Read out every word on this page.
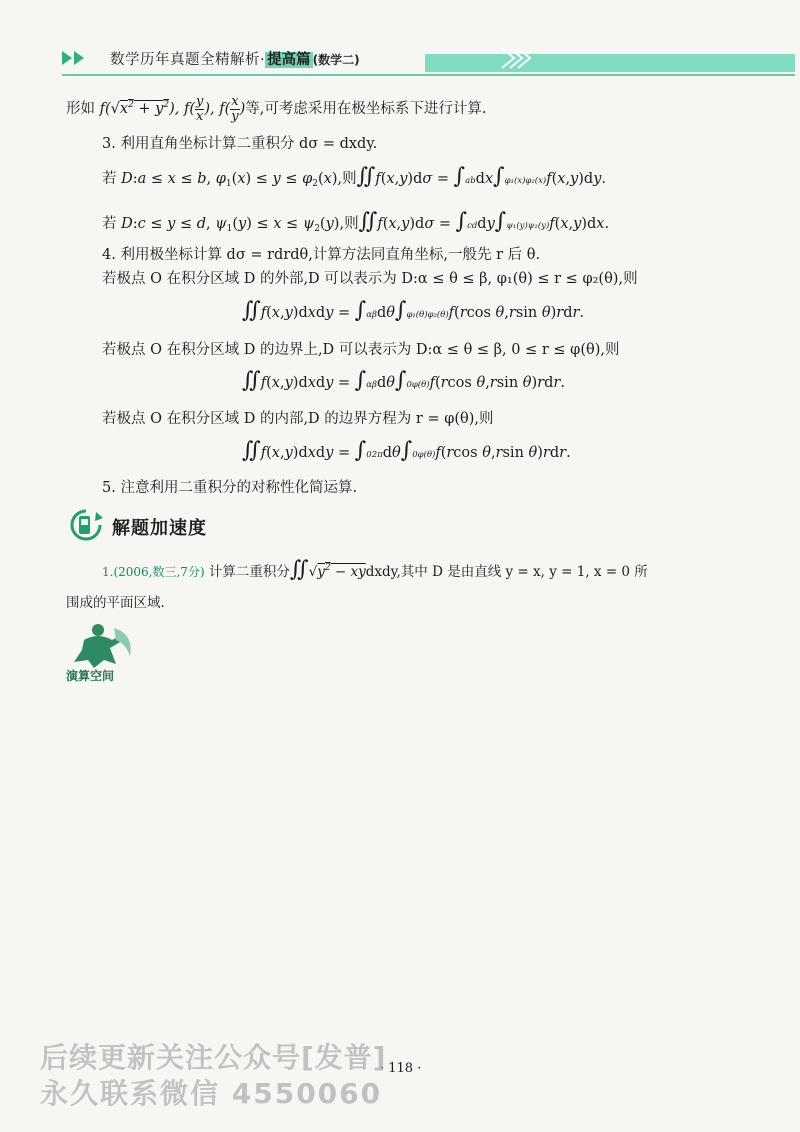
数学历年真题全精解析· 提高篇 (数学二)
形如 $f(√x^2 + y^2)$, $f( \frac{y}{x}$ ), $f( \frac{x}{y}$ )等,可考虑采用在极坐标系下进行计算.
3. 利用直角坐标计算二重积分 dσ = dxdy.
若 D:a ≤ x ≤ b, $\varphi_1(x) \le y \le \varphi_2(x)$,则∬f(x,y)dσ = ∫abdx∫φ₁(x)φ₂(x)f(x,y)dy.
若 D:c ≤ y ≤ d, $\psi_1(y) \le x \le \psi_2(y)$,则∬f(x,y)dσ = ∫cddy∫ψ₁(y)ψ₂(y)f(x,y)dx.
4. 利用极坐标计算 dσ = rdrdθ,计算方法同直角坐标,一般先 r 后 θ.
若极点 O 在积分区域 D 的外部,D 可以表示为 D:α ≤ θ ≤ β, φ₁(θ) ≤ r ≤ φ₂(θ),则
∬f(x,y)dxdy = ∫αβdθ∫φ₁(θ)φ₂(θ)f(rcos θ,rsin θ)rdr.
若极点 O 在积分区域 D 的边界上,D 可以表示为 D:α ≤ θ ≤ β, 0 ≤ r ≤ φ(θ),则
∬f(x,y)dxdy = ∫αβdθ∫0φ(θ)f(rcos θ,rsin θ)rdr.
若极点 O 在积分区域 D 的内部,D 的边界方程为 r = φ(θ),则
∬f(x,y)dxdy = ∫02πdθ∫0φ(θ)f(rcos θ,rsin θ)rdr.
5. 注意利用二重积分的对称性化简运算.
解题加速度
1.(2006,数三,7分) 计算二重积分$∬√y^2$ − xydxdy,其中 D 是由直线 y = x, y = 1, x = 0 所
围成的平面区域.
演算空间
· 118 ·
后续更新关注公众号[发普]
永久联系微信 4550060
